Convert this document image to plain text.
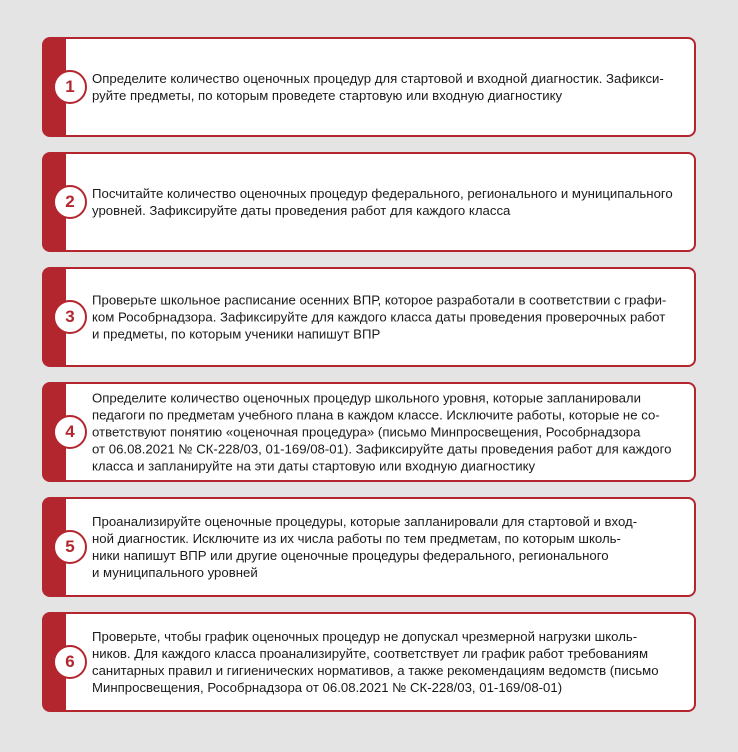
1	Определите количество оценочных процедур для стартовой и входной диагностик. Зафикси-
руйте предметы, по которым проведете стартовую или входную диагностику
2	Посчитайте количество оценочных процедур федерального, регионального и муниципального
уровней. Зафиксируйте даты проведения работ для каждого класса
3
Проверьте школьное расписание осенних ВПР, которое разработали в соответствии с графи-
ком Рособрнадзора. Зафиксируйте для каждого класса даты проведения проверочных работ
и предметы, по которым ученики напишут ВПР
4
Определите количество оценочных процедур школьного уровня, которые запланировали
педагоги по предметам учебного плана в каждом классе. Исключите работы, которые не со-
ответствуют понятию «оценочная процедура» (письмо Минпросвещения, Рособрнадзора
от 06.08.2021 № СК-228/03, 01-169/08-01). Зафиксируйте даты проведения работ для каждого
класса и запланируйте на эти даты стартовую или входную диагностику
5
Проанализируйте оценочные процедуры, которые запланировали для стартовой и вход-
ной диагностик. Исключите из их числа работы по тем предметам, по которым школь-
ники напишут ВПР или другие оценочные процедуры федерального, регионального
и муниципального уровней
6
Проверьте, чтобы график оценочных процедур не допускал чрезмерной нагрузки школь-
ников. Для каждого класса проанализируйте, соответствует ли график работ требованиям
санитарных правил и гигиенических нормативов, а также рекомендациям ведомств (письмо
Минпросвещения, Рособрнадзора от 06.08.2021 № СК-228/03, 01-169/08-01)
